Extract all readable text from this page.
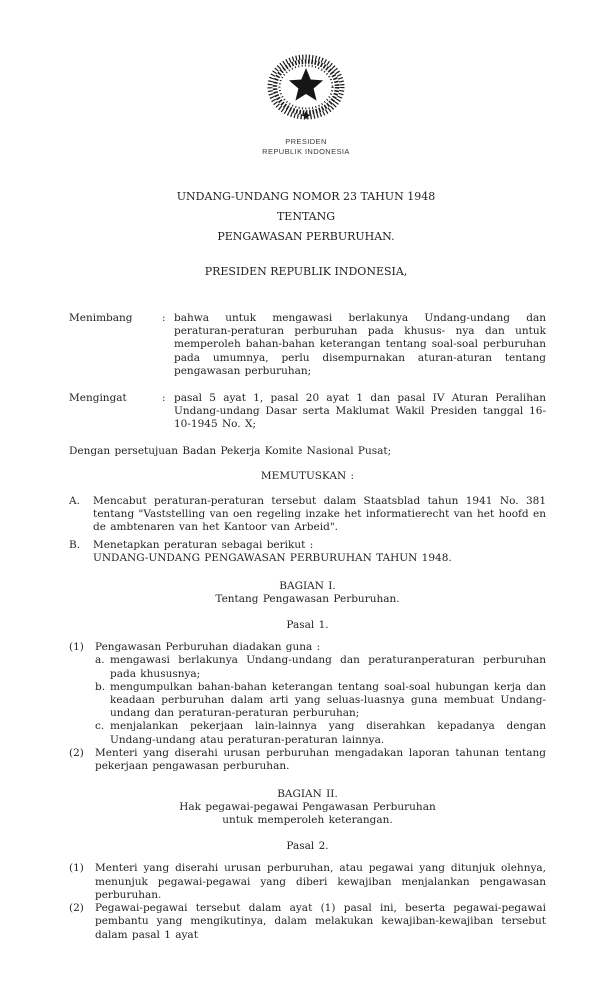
PRESIDEN
REPUBLIK INDONESIA
UNDANG-UNDANG NOMOR 23 TAHUN 1948
TENTANG
PENGAWASAN PERBURUHAN.
PRESIDEN REPUBLIK INDONESIA,
Menimbang	: bahwa untuk mengawasi berlakunya Undang-undang dan peraturan-peraturan perburuhan pada khusus- nya dan untuk memperoleh bahan-bahan keterangan tentang soal-soal perburuhan pada umumnya, perlu disempurnakan aturan-aturan tentang pengawasan perburuhan;
Mengingat	: pasal 5 ayat 1, pasal 20 ayat 1 dan pasal IV Aturan Peralihan Undang-undang Dasar serta Maklumat Wakil Presiden tanggal 16-10-1945 No. X;
Dengan persetujuan Badan Pekerja Komite Nasional Pusat;
MEMUTUSKAN :
A.	Mencabut peraturan-peraturan tersebut dalam Staatsblad tahun 1941 No. 381 tentang "Vaststelling van oen regeling inzake het informatierecht van het hoofd en de ambtenaren van het Kantoor van Arbeid".
B.	Menetapkan peraturan sebagai berikut :
UNDANG-UNDANG PENGAWASAN PERBURUHAN TAHUN 1948.
BAGIAN I.
Tentang Pengawasan Perburuhan.
Pasal 1.
(1)	Pengawasan Perburuhan diadakan guna :
a. mengawasi berlakunya Undang-undang dan peraturanperaturan perburuhan pada khususnya;
b. mengumpulkan bahan-bahan keterangan tentang soal-soal hubungan kerja dan keadaan perburuhan dalam arti yang seluas-luasnya guna membuat Undang-undang dan peraturan-peraturan perburuhan;
c. menjalankan pekerjaan lain-lainnya yang diserahkan kepadanya dengan Undang-undang atau peraturan-peraturan lainnya.
(2)	Menteri yang diserahi urusan perburuhan mengadakan laporan tahunan tentang pekerjaan pengawasan perburuhan.
BAGIAN II.
Hak pegawai-pegawai Pengawasan Perburuhan
untuk memperoleh keterangan.
Pasal 2.
(1)	Menteri yang diserahi urusan perburuhan, atau pegawai yang ditunjuk olehnya, menunjuk pegawai-pegawai yang diberi kewajiban menjalankan pengawasan perburuhan.
(2)	Pegawai-pegawai tersebut dalam ayat (1) pasal ini, beserta pegawai-pegawai pembantu yang mengikutinya, dalam melakukan kewajiban-kewajiban tersebut dalam pasal 1 ayat
